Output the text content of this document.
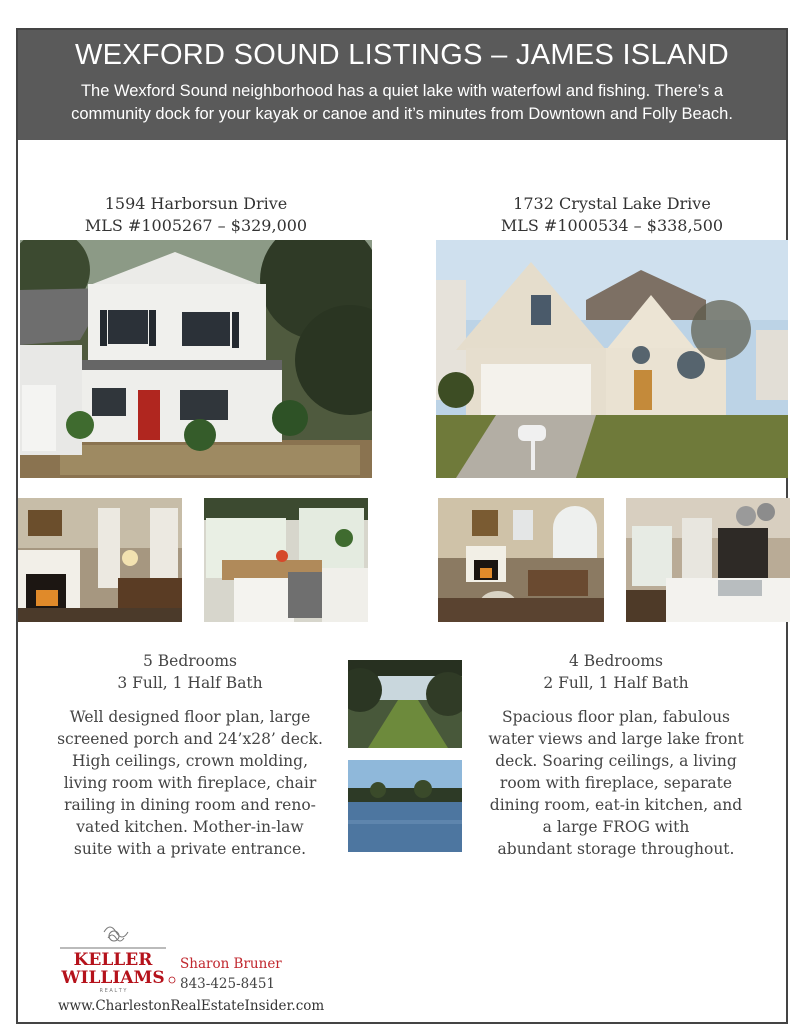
WEXFORD SOUND LISTINGS – JAMES ISLAND

The Wexford Sound neighborhood has a quiet lake with waterfowl and fishing. There’s a
community dock for your kayak or canoe and it’s minutes from Downtown and Folly Beach.

1594 Harborsun Drive
MLS #1005267 – $329,000
1732 Crystal Lake Drive
MLS #1000534 – $338,500
5 Bedrooms
3 Full, 1 Half Bath
Well designed floor plan, large
screened porch and 24’x28’ deck.
High ceilings, crown molding,
living room with fireplace, chair
railing in dining room and reno-
vated kitchen. Mother-in-law
suite with a private entrance.
4 Bedrooms
2 Full, 1 Half Bath
Spacious floor plan, fabulous
water views and large lake front
deck. Soaring ceilings, a living
room with fireplace, separate
dining room, eat-in kitchen, and
a large FROG with
abundant storage throughout.
KELLER
WILLIAMS
R E A L T Y
Sharon Bruner
843-425-8451
www.CharlestonRealEstateInsider.com
